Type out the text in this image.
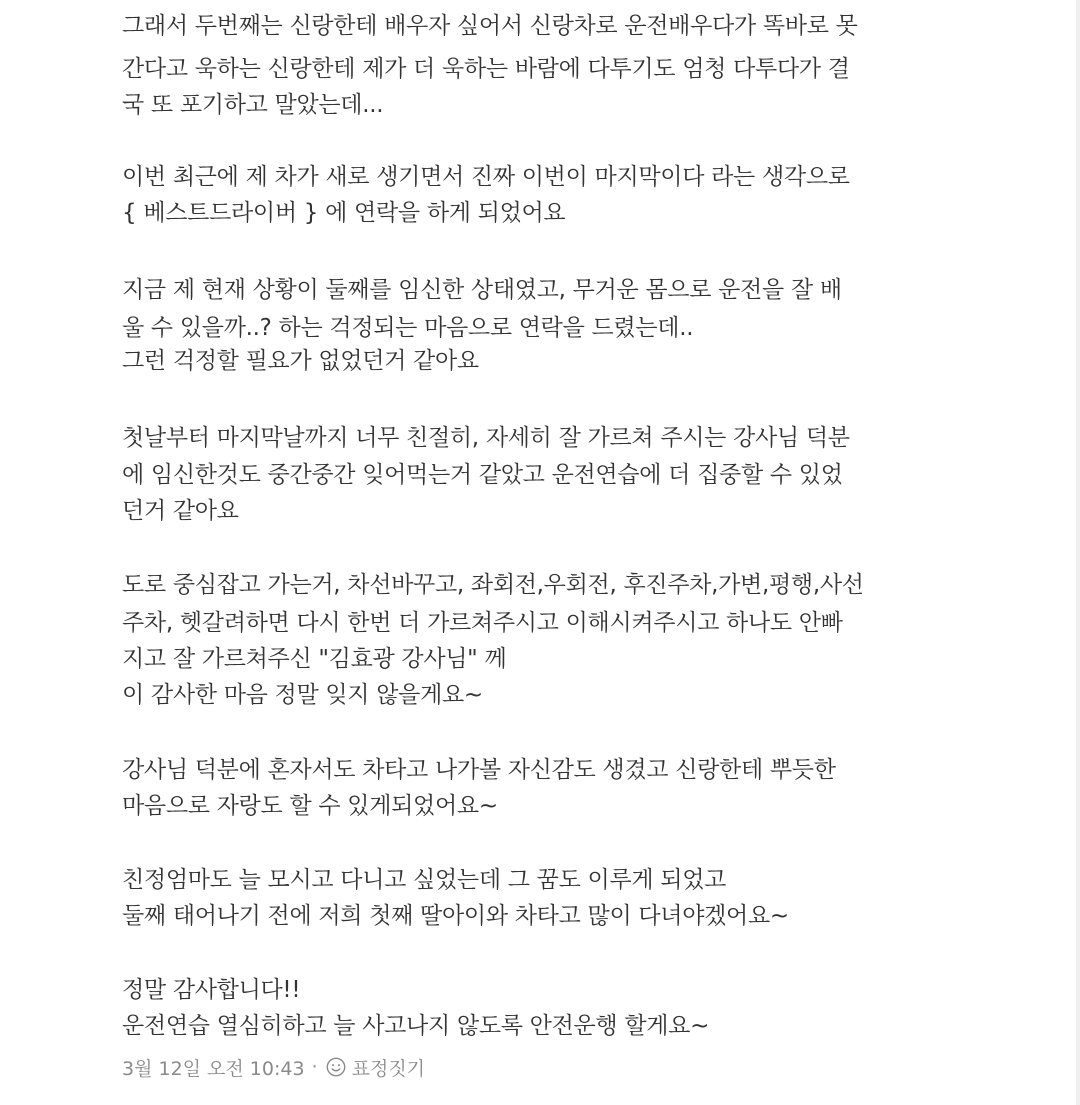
그래서 두번째는 신랑한테 배우자 싶어서 신랑차로 운전배우다가 똑바로 못
간다고 욱하는 신랑한테 제가 더 욱하는 바람에 다투기도 엄청 다투다가 결
국 또 포기하고 말았는데...
이번 최근에 제 차가 새로 생기면서 진짜 이번이 마지막이다 라는 생각으로
{ 베스트드라이버 } 에 연락을 하게 되었어요
지금 제 현재 상황이 둘째를 임신한 상태였고, 무거운 몸으로 운전을 잘 배
울 수 있을까..? 하는 걱정되는 마음으로 연락을 드렸는데..
그런 걱정할 필요가 없었던거 같아요
첫날부터 마지막날까지 너무 친절히, 자세히 잘 가르쳐 주시는 강사님 덕분
에 임신한것도 중간중간 잊어먹는거 같았고 운전연습에 더 집중할 수 있었
던거 같아요
도로 중심잡고 가는거, 차선바꾸고, 좌회전,우회전, 후진주차,가변,평행,사선
주차, 헷갈려하면 다시 한번 더 가르쳐주시고 이해시켜주시고 하나도 안빠
지고 잘 가르쳐주신 "김효광 강사님" 께
이 감사한 마음 정말 잊지 않을게요~
강사님 덕분에 혼자서도 차타고 나가볼 자신감도 생겼고 신랑한테 뿌듯한
마음으로 자랑도 할 수 있게되었어요~
친정엄마도 늘 모시고 다니고 싶었는데 그 꿈도 이루게 되었고
둘째 태어나기 전에 저희 첫째 딸아이와 차타고 많이 다녀야겠어요~
정말 감사합니다!!
운전연습 열심히하고 늘 사고나지 않도록 안전운행 할게요~
3월 12일 오전 10:43 · 표정짓기
